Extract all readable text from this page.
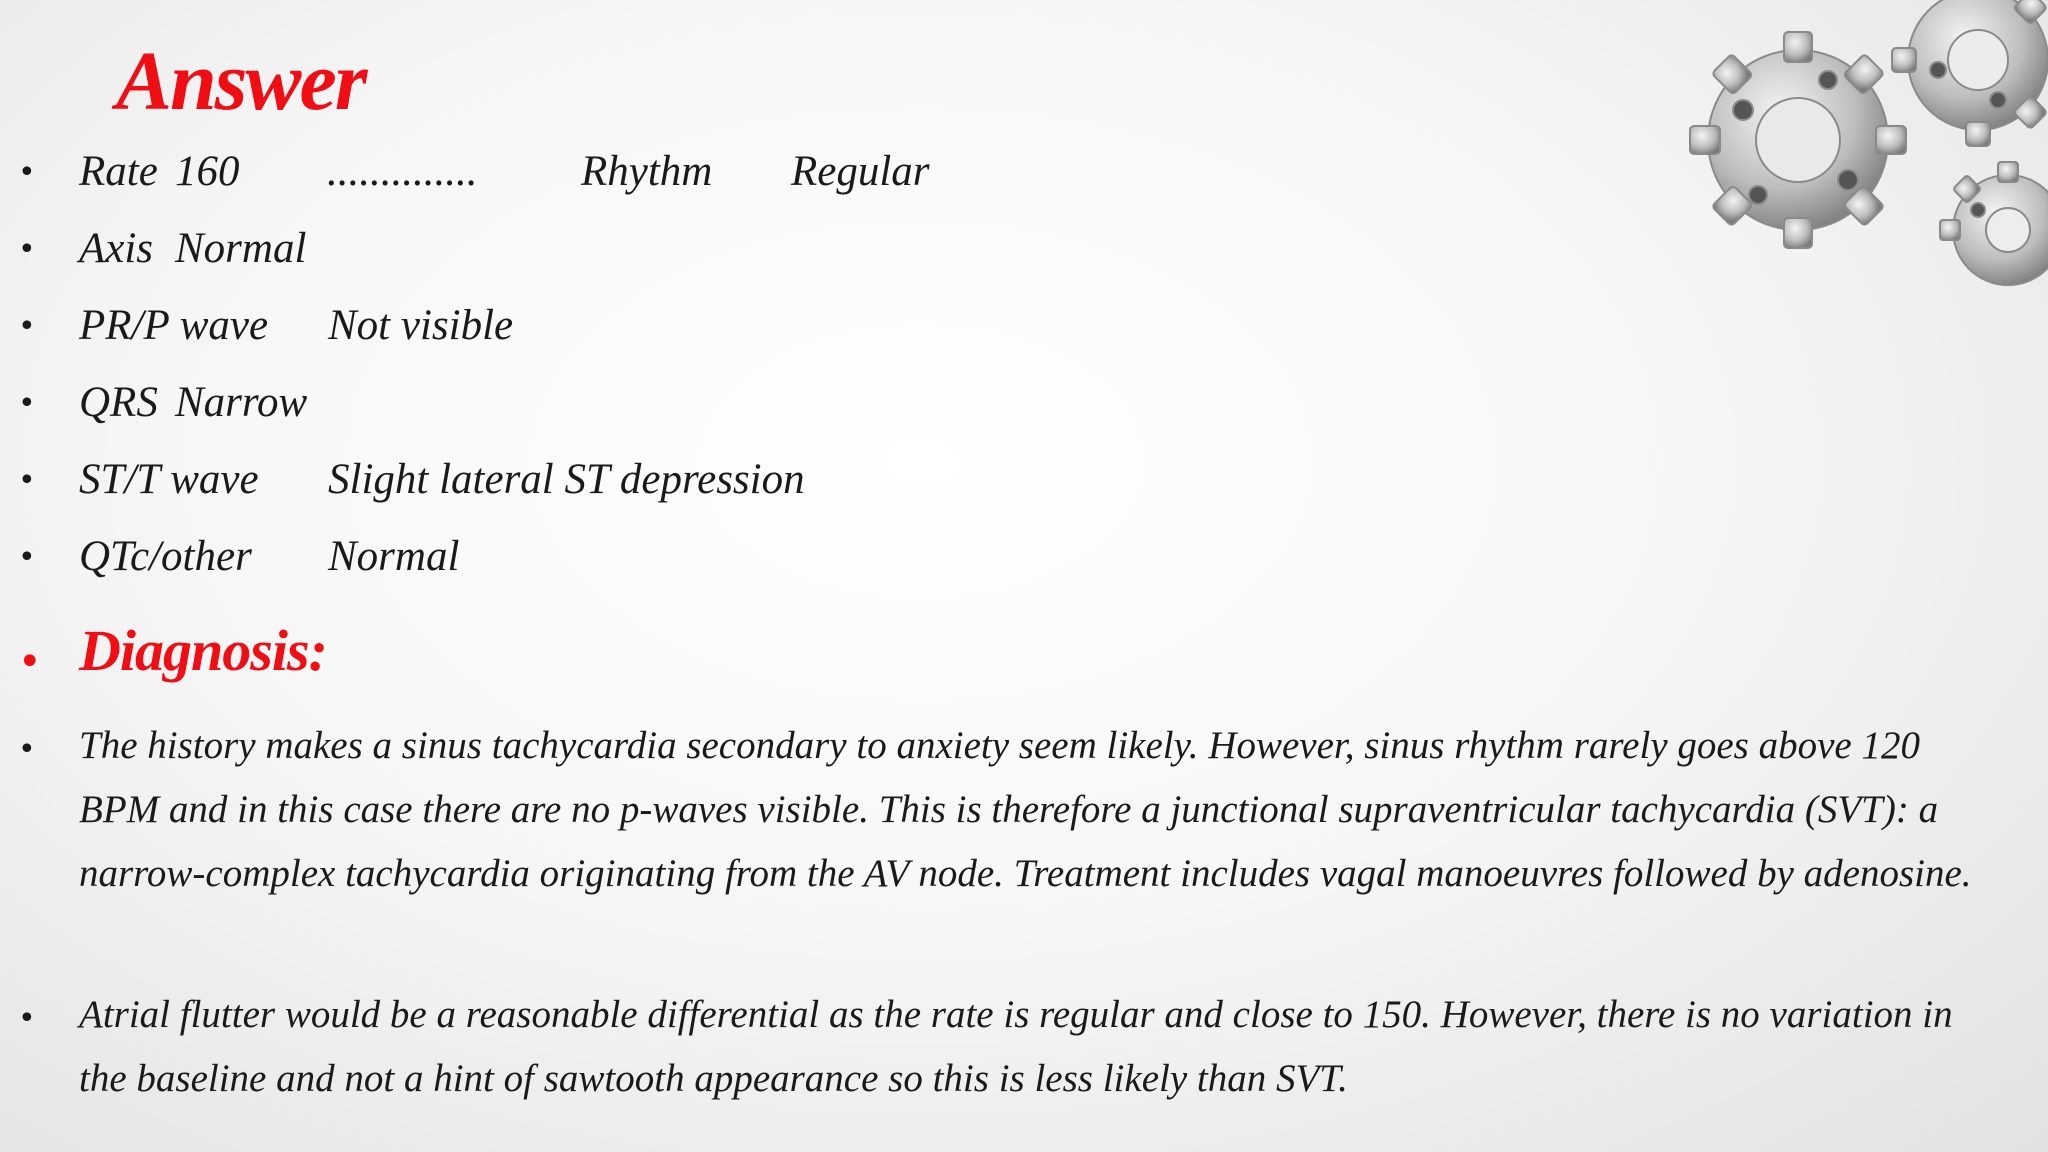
Answer
• Rate 160 .............. Rhythm Regular
• Axis Normal
• PR/P wave Not visible
• QRS Narrow
• ST/T wave Slight lateral ST depression
• QTc/other Normal
• Diagnosis:
• The history makes a sinus tachycardia secondary to anxiety seem likely. However, sinus rhythm rarely goes above 120 BPM and in this case there are no p-waves visible. This is therefore a junctional supraventricular tachycardia (SVT): a narrow-complex tachycardia originating from the AV node. Treatment includes vagal manoeuvres followed by adenosine.

• Atrial flutter would be a reasonable differential as the rate is regular and close to 150. However, there is no variation in the baseline and not a hint of sawtooth appearance so this is less likely than SVT.
